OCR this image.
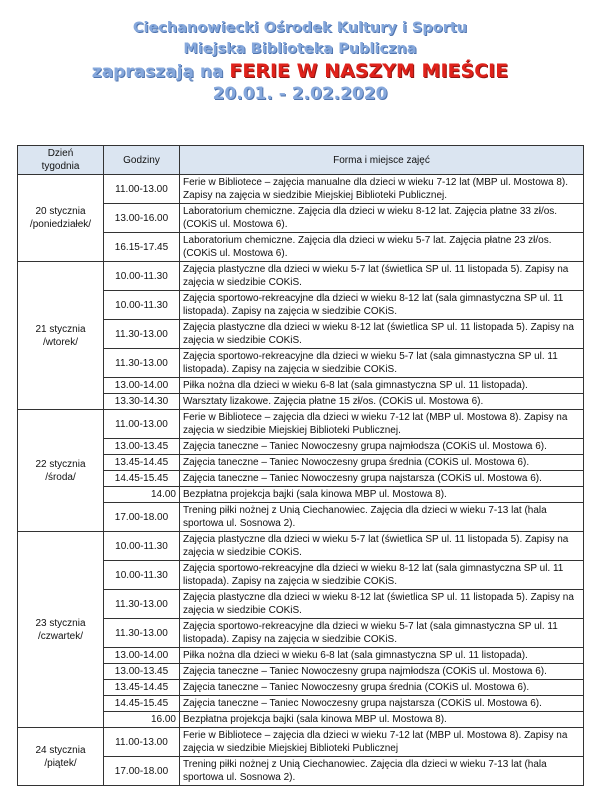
Ciechanowiecki Ośrodek Kultury i Sportu
Miejska Biblioteka Publiczna
zapraszają na FERIE W NASZYM MIEŚCIE
20.01. - 2.02.2020
Dzień
tygodnia	Godziny	Forma i miejsce zajęć
20 stycznia
/poniedziałek/	11.00-13.00	Ferie w Bibliotece – zajęcia manualne dla dzieci w wieku 7-12 lat (MBP ul. Mostowa 8). Zapisy na zajęcia w siedzibie Miejskiej Biblioteki Publicznej.
	13.00-16.00	Laboratorium chemiczne. Zajęcia dla dzieci w wieku 8-12 lat. Zajęcia płatne 33 zł/os. (COKiS ul. Mostowa 6).
	16.15-17.45	Laboratorium chemiczne. Zajęcia dla dzieci w wieku 5-7 lat. Zajęcia płatne 23 zł/os. (COKiS ul. Mostowa 6).
21 stycznia
/wtorek/	10.00-11.30	Zajęcia plastyczne dla dzieci w wieku 5-7 lat (świetlica SP ul. 11 listopada 5). Zapisy na zajęcia w siedzibie COKiS.
	10.00-11.30	Zajęcia sportowo-rekreacyjne dla dzieci w wieku 8-12 lat (sala gimnastyczna SP ul. 11 listopada). Zapisy na zajęcia w siedzibie COKiS.
	11.30-13.00	Zajęcia plastyczne dla dzieci w wieku 8-12 lat (świetlica SP ul. 11 listopada 5). Zapisy na zajęcia w siedzibie COKiS.
	11.30-13.00	Zajęcia sportowo-rekreacyjne dla dzieci w wieku 5-7 lat (sala gimnastyczna SP ul. 11 listopada). Zapisy na zajęcia w siedzibie COKiS.
	13.00-14.00	Piłka nożna dla dzieci w wieku 6-8 lat (sala gimnastyczna SP ul. 11 listopada).
	13.30-14.30	Warsztaty lizakowe. Zajęcia płatne 15 zł/os. (COKiS ul. Mostowa 6).
22 stycznia
/środa/	11.00-13.00	Ferie w Bibliotece – zajęcia dla dzieci w wieku 7-12 lat (MBP ul. Mostowa 8). Zapisy na zajęcia w siedzibie Miejskiej Biblioteki Publicznej.
	13.00-13.45	Zajęcia taneczne – Taniec Nowoczesny grupa najmłodsza (COKiS ul. Mostowa 6).
	13.45-14.45	Zajęcia taneczne – Taniec Nowoczesny grupa średnia (COKiS ul. Mostowa 6).
	14.45-15.45	Zajęcia taneczne – Taniec Nowoczesny grupa najstarsza (COKiS ul. Mostowa 6).
	14.00	Bezpłatna projekcja bajki (sala kinowa MBP ul. Mostowa 8).
	17.00-18.00	Trening piłki nożnej z Unią Ciechanowiec. Zajęcia dla dzieci w wieku 7-13 lat (hala sportowa ul. Sosnowa 2).
23 stycznia
/czwartek/	10.00-11.30	Zajęcia plastyczne dla dzieci w wieku 5-7 lat (świetlica SP ul. 11 listopada 5). Zapisy na zajęcia w siedzibie COKiS.
	10.00-11.30	Zajęcia sportowo-rekreacyjne dla dzieci w wieku 8-12 lat (sala gimnastyczna SP ul. 11 listopada). Zapisy na zajęcia w siedzibie COKiS.
	11.30-13.00	Zajęcia plastyczne dla dzieci w wieku 8-12 lat (świetlica SP ul. 11 listopada 5). Zapisy na zajęcia w siedzibie COKiS.
	11.30-13.00	Zajęcia sportowo-rekreacyjne dla dzieci w wieku 5-7 lat (sala gimnastyczna SP ul. 11 listopada). Zapisy na zajęcia w siedzibie COKiS.
	13.00-14.00	Piłka nożna dla dzieci w wieku 6-8 lat (sala gimnastyczna SP ul. 11 listopada).
	13.00-13.45	Zajęcia taneczne – Taniec Nowoczesny grupa najmłodsza (COKiS ul. Mostowa 6).
	13.45-14.45	Zajęcia taneczne – Taniec Nowoczesny grupa średnia (COKiS ul. Mostowa 6).
	14.45-15.45	Zajęcia taneczne – Taniec Nowoczesny grupa najstarsza (COKiS ul. Mostowa 6).
	16.00	Bezpłatna projekcja bajki (sala kinowa MBP ul. Mostowa 8).
24 stycznia
/piątek/	11.00-13.00	Ferie w Bibliotece – zajęcia dla dzieci w wieku 7-12 lat (MBP ul. Mostowa 8). Zapisy na zajęcia w siedzibie Miejskiej Biblioteki Publicznej
	17.00-18.00	Trening piłki nożnej z Unią Ciechanowiec. Zajęcia dla dzieci w wieku 7-13 lat (hala sportowa ul. Sosnowa 2).
